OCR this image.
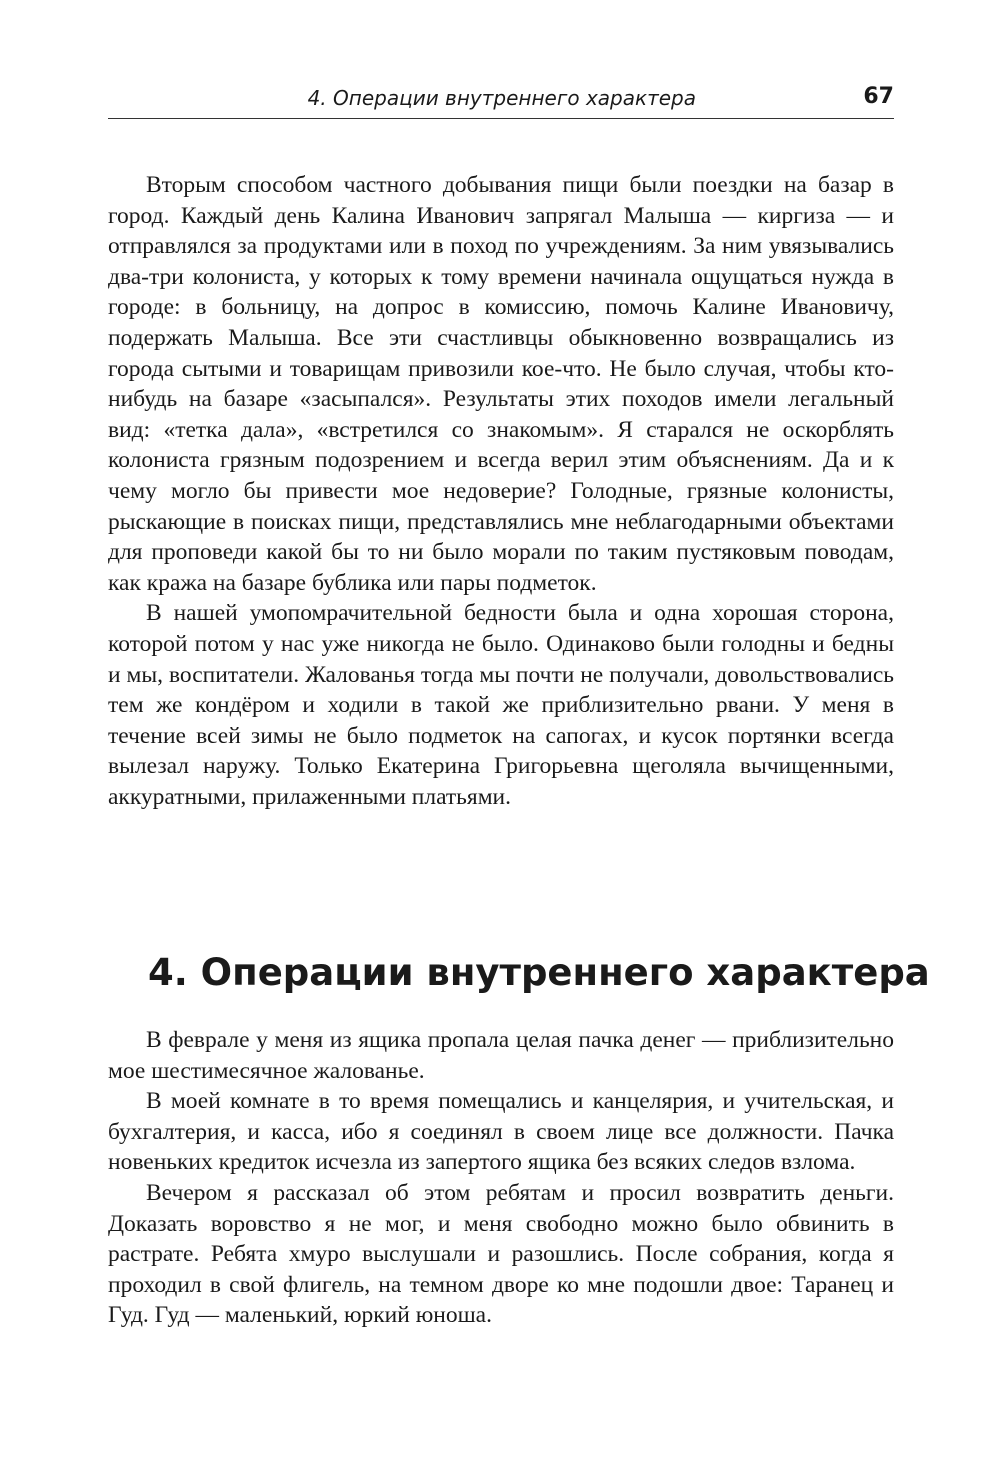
4. Операции внутреннего характера	67

Вторым способом частного добывания пищи были поездки на базар в город. Каждый день Калина Иванович запрягал Малыша — киргиза — и отправлялся за продуктами или в поход по учреждениям. За ним увязывались два-три колониста, у которых к тому времени начинала ощущаться нужда в городе: в больницу, на допрос в комиссию, помочь Калине Ивановичу, подержать Малыша. Все эти счастливцы обыкновенно возвращались из города сытыми и товарищам привозили кое-что. Не было случая, чтобы кто-нибудь на базаре «засыпался». Результаты этих походов имели легальный вид: «тетка дала», «встретился со знакомым». Я старался не оскорблять колониста грязным подозрением и всегда верил этим объяснениям. Да и к чему могло бы привести мое недоверие? Голодные, грязные колонисты, рыскающие в поисках пищи, представлялись мне неблагодарными объектами для проповеди какой бы то ни было морали по таким пустяковым поводам, как кража на базаре бублика или пары подметок.

В нашей умопомрачительной бедности была и одна хорошая сторона, которой потом у нас уже никогда не было. Одинаково были голодны и бедны и мы, воспитатели. Жалованья тогда мы почти не получали, довольствовались тем же кондёром и ходили в такой же приблизительно рвани. У меня в течение всей зимы не было подметок на сапогах, и кусок портянки всегда вылезал наружу. Только Екатерина Григорьевна щеголяла вычищенными, аккуратными, прилаженными платьями.

4. Операции внутреннего характера

В феврале у меня из ящика пропала целая пачка денег — приблизительно мое шестимесячное жалованье.

В моей комнате в то время помещались и канцелярия, и учительская, и бухгалтерия, и касса, ибо я соединял в своем лице все должности. Пачка новеньких кредиток исчезла из запертого ящика без всяких следов взлома.

Вечером я рассказал об этом ребятам и просил возвратить деньги. Доказать воровство я не мог, и меня свободно можно было обвинить в растрате. Ребята хмуро выслушали и разошлись. После собрания, когда я проходил в свой флигель, на темном дворе ко мне подошли двое: Таранец и Гуд. Гуд — маленький, юркий юноша.
